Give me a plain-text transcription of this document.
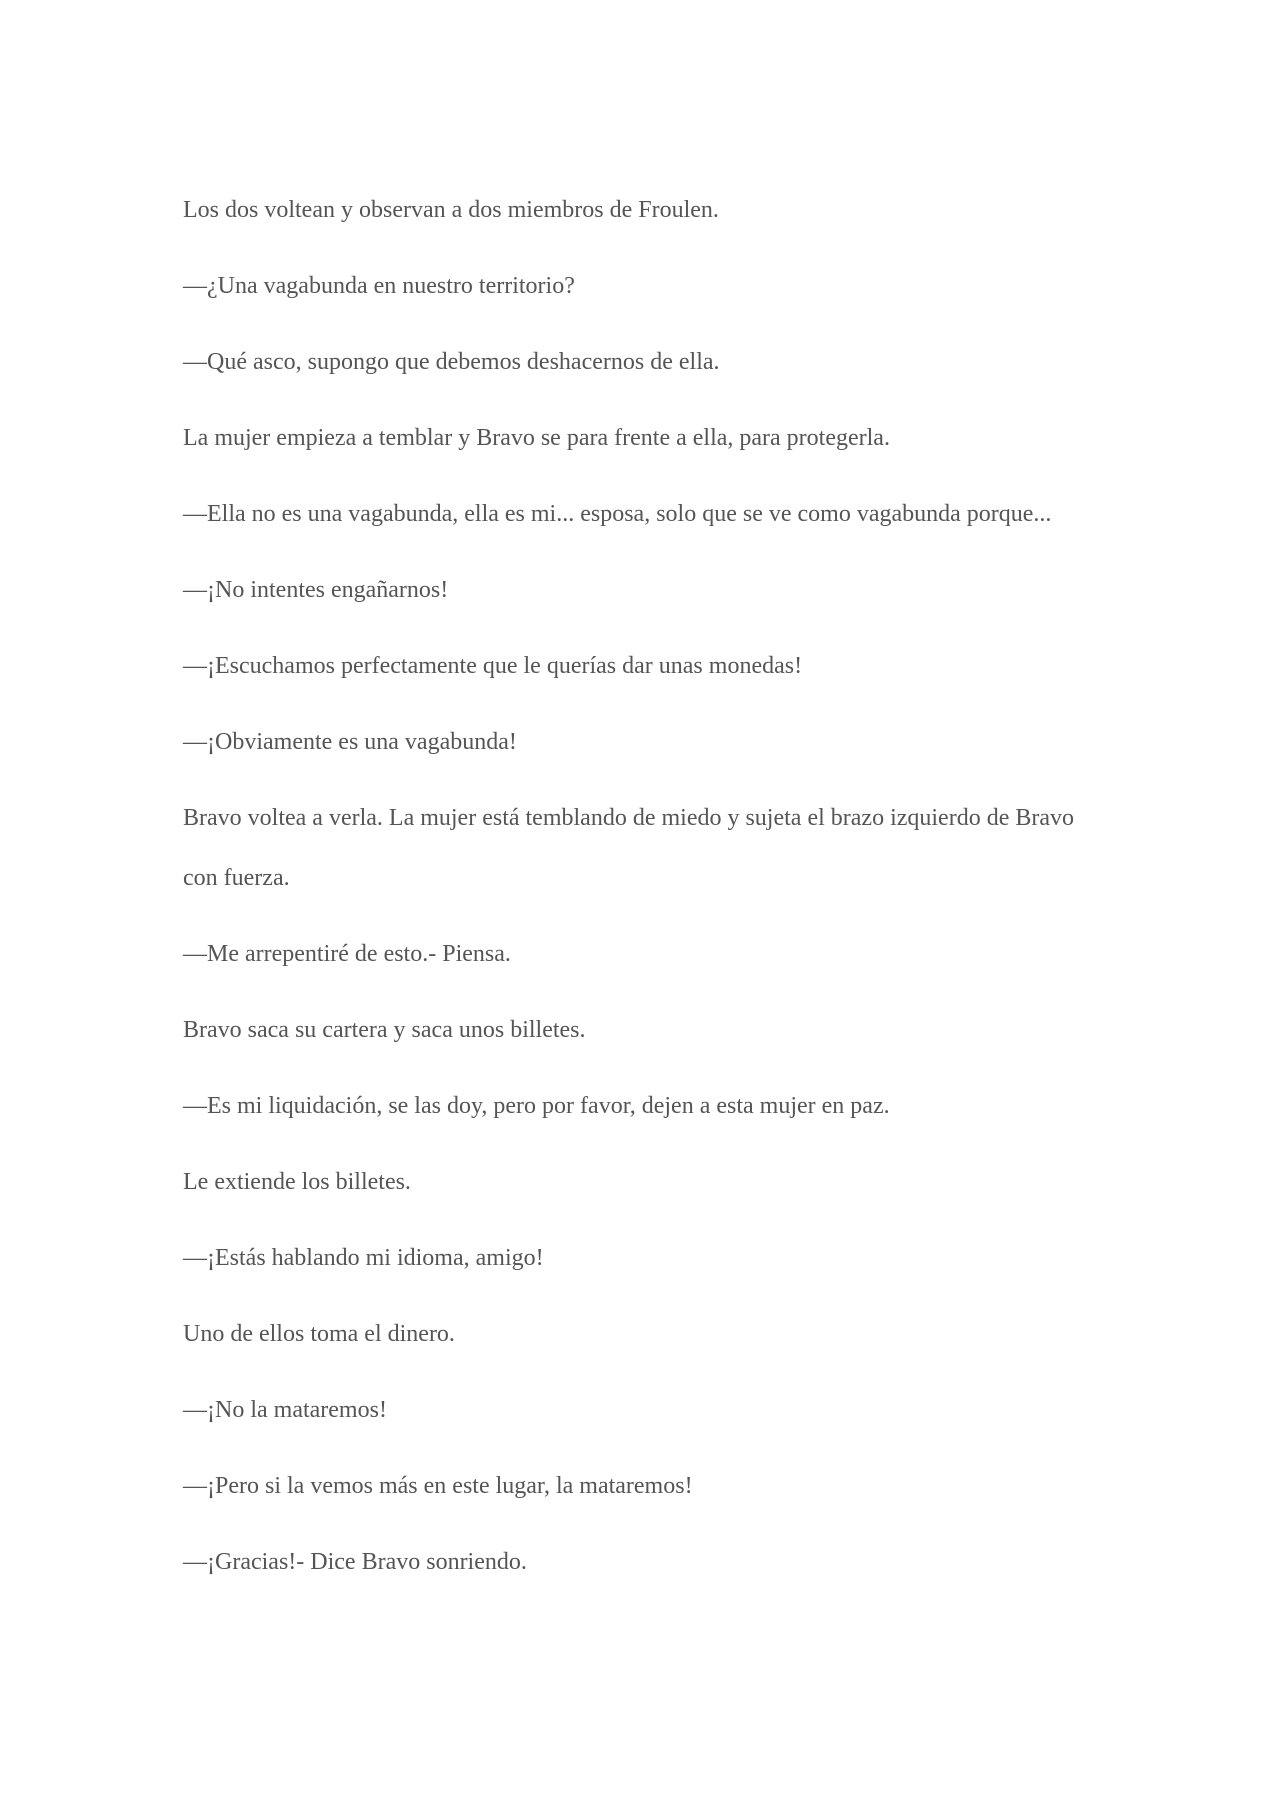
Los dos voltean y observan a dos miembros de Froulen.

—¿Una vagabunda en nuestro territorio?

—Qué asco, supongo que debemos deshacernos de ella.

La mujer empieza a temblar y Bravo se para frente a ella, para protegerla.

—Ella no es una vagabunda, ella es mi... esposa, solo que se ve como vagabunda porque...

—¡No intentes engañarnos!

—¡Escuchamos perfectamente que le querías dar unas monedas!

—¡Obviamente es una vagabunda!

Bravo voltea a verla. La mujer está temblando de miedo y sujeta el brazo izquierdo de Bravo con fuerza.

—Me arrepentiré de esto.- Piensa.

Bravo saca su cartera y saca unos billetes.

—Es mi liquidación, se las doy, pero por favor, dejen a esta mujer en paz.

Le extiende los billetes.

—¡Estás hablando mi idioma, amigo!

Uno de ellos toma el dinero.

—¡No la mataremos!

—¡Pero si la vemos más en este lugar, la mataremos!

—¡Gracias!- Dice Bravo sonriendo.
